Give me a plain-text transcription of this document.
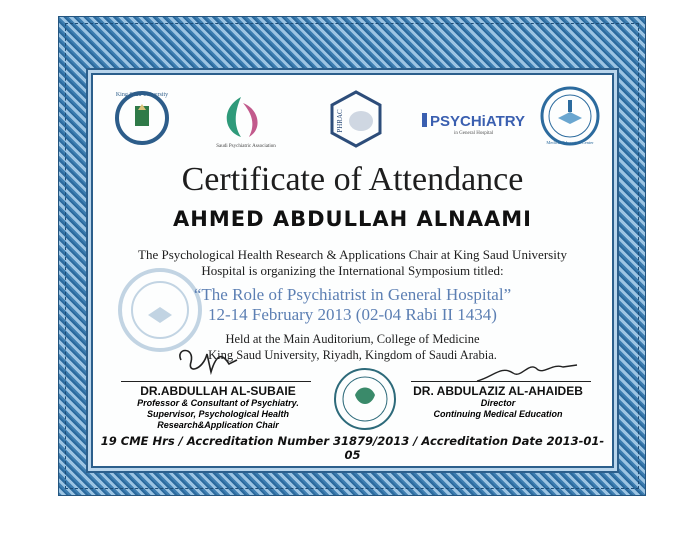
King Saud University
Saudi Psychiatric Association
PHRAC	PSYCHiATRY
in General Hospital
Medical Education Center
Certificate of Attendance
AHMED ABDULLAH ALNAAMI
The Psychological Health Research & Applications Chair at King Saud University
Hospital is organizing the International Symposium titled:
“The Role of Psychiatrist in General Hospital”
12-14 February 2013 (02-04 Rabi II 1434)
Held at the Main Auditorium, College of Medicine
King Saud University, Riyadh, Kingdom of Saudi Arabia.
DR.ABDULLAH AL-SUBAIE
Professor & Consultant of Psychiatry.
Supervisor, Psychological Health Research&Application Chair
DR. ABDULAZIZ AL-AHAIDEB
Director
Continuing Medical Education
19 CME Hrs / Accreditation Number 31879/2013 / Accreditation Date 2013-01-05
